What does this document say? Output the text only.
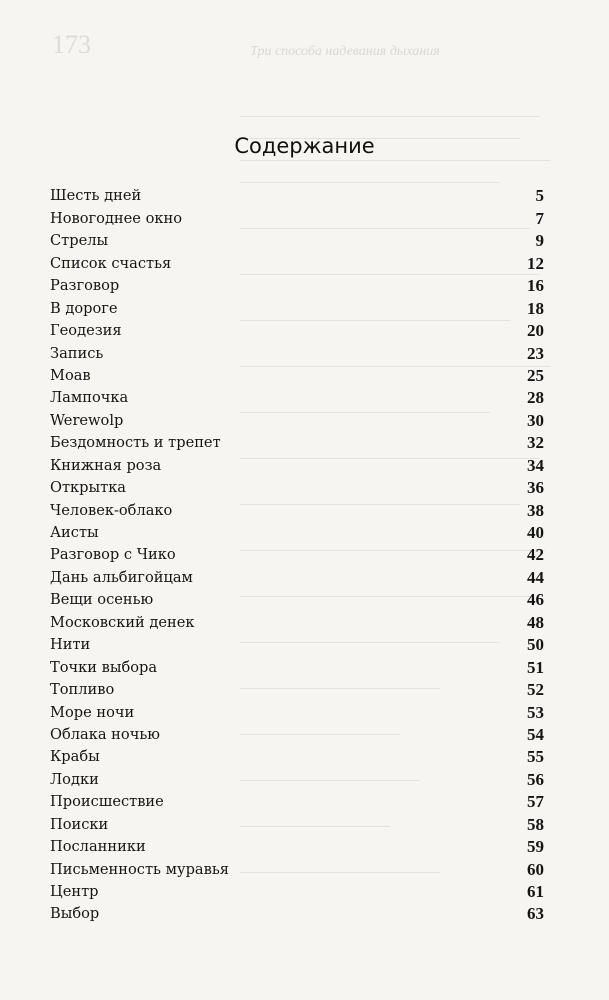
173	Три способа надевания дыхания
Содержание
Шесть дней	5
Новогоднее окно	7
Стрелы	9
Список счастья	12
Разговор	16
В дороге	18
Геодезия	20
Запись	23
Моав	25
Лампочка	28
Werewolp	30
Бездомность и трепет	32
Книжная роза	34
Открытка	36
Человек-облако	38
Аисты	40
Разговор с Чико	42
Дань альбигойцам	44
Вещи осенью	46
Московский денек	48
Нити	50
Точки выбора	51
Топливо	52
Море ночи	53
Облака ночью	54
Крабы	55
Лодки	56
Происшествие	57
Поиски	58
Посланники	59
Письменность муравья	60
Центр	61
Выбор	63
